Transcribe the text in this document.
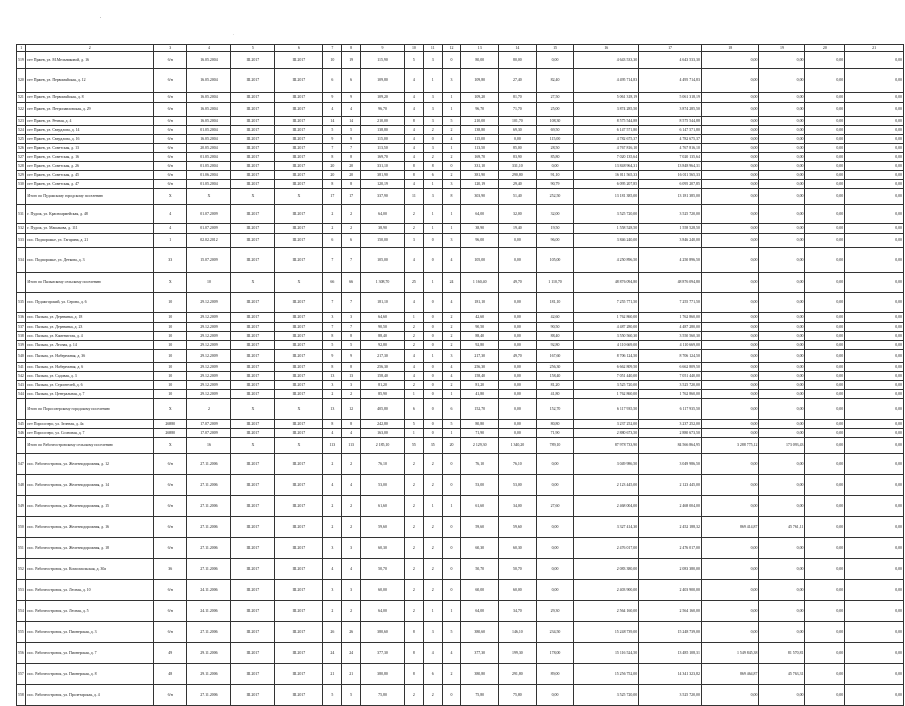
'
.
1	2	3	4	5	6	7	8	9	10	11	12	13	14	15	16	17	18	19	20	21
519	пгт Пржев, ул. М.Мельниковой, д. 16	б/н	16.05.2004	III.2017	III.2017	10	19	115,90	5	3	0	80,00	80,00	0,00	4 643 533,30	4 643 533,30	0,00	0,00	0,00	0,00
520	пгт Пржев, ул. Первомайская, д. 12	б/н	16.05.2004	III.2017	III.2017	6	6	109,80	4	1	3	109,80	27,40	82,40	4 495 714,83	4 495 714,83	0,00	0,00	0,00	0,00
521	пгт Пржев, ул. Первомайская, д. 8	б/н	16.05.2004	III.2017	III.2017	9	9	109,20	4	3	1	109,20	81,70	27,50	5 061 318,19	5 061 318,19	0,00	0,00	0,00	0,00
522	пгт Пржев, ул. Петропавловская, д. 29	б/н	16.05.2004	III.2017	III.2017	4	4	96,70	4	3	1	96,70	71,70	25,00	3 874 285,50	3 874 285,50	0,00	0,00	0,00	0,00
523	пгт Пржев, ул. Речная, д. 4	б/н	16.05.2004	III.2017	III.2017	14	14	210,00	8	3	5	210,00	101,70	108,30	8 575 544,88	8 575 544,88	0,00	0,00	0,00	0,00
524	пгт Пржев, ул. Свердлова, д. 14	б/н	01.05.2004	III.2017	III.2017	5	5	138,80	4	2	2	138,80	69,30	69,50	6 147 571,80	6 147 571,80	0,00	0,00	0,00	0,00
525	пгт Пржев, ул. Свердлова, д. 16	б/н	16.05.2004	III.2017	III.2017	9	9	115,00	4	0	4	115,00	0,00	115,00	4 782 675,37	4 782 675,37	0,00	0,00	0,00	0,00
526	пгт Пржев, ул. Советская, д. 13	б/н	20.05.2004	III.2017	III.2017	7	7	113,50	4	3	1	113,50	85,00	28,50	4 767 816,10	4 767 816,10	0,00	0,00	0,00	0,00
527	пгт Пржев, ул. Советская, д. 16	б/н	01.05.2004	III.2017	III.2017	8	8	169,70	4	2	2	169,70	83,90	85,80	7 020 135,64	7 020 135,64	0,00	0,00	0,00	0,00
528	пгт Пржев, ул. Советская, д. 26	б/н	01.05.2004	III.2017	III.2017	20	20	331,10	8	8	0	331,10	331,10	0,00	13 848 964,31	13 848 964,31	0,00	0,00	0,00	0,00
529	пгт Пржев, ул. Советская, д. 45	б/н	01.06.2004	III.2017	III.2017	20	20	381,90	8	6	2	381,90	290,80	91,10	16 011 565,33	16 011 565,33	0,00	0,00	0,00	0,00
530	пгт Пржев, ул. Советская, д. 47	б/н	01.05.2004	III.2017	III.2017	8	8	120,19	4	1	3	120,19	29,40	90,79	6 095 207,85	6 095 207,85	0,00	0,00	0,00	0,00
	Итого по Пудожскому городскому поселению	X	X	X	X	17	17	337,90	11	3	8	303,90	51,40	252,50	13 181 385,00	13 181 385,00	0,00	0,00	0,00	0,00
531	г. Пудож, ул. Красноармейская, д. 48	4	01.07.2009	III.2017	III.2017	2	2	64,00	2	1	1	64,00	32,00	32,00	3 525 720,00	3 525 720,00	0,00	0,00	0,00	0,00
532	г. Пудож, ул. Машакова, д. 111	4	01.07.2009	III.2017	III.2017	2	2	38,90	2	1	1	38,90	19,40	19,50	1 558 528,50	1 558 528,50	0,00	0,00	0,00	0,00
533	пос. Подпорожье, ул. Гагарина, д. 21	1	02.02.2012	III.2017	III.2017	6	6	150,00	3	0	3	96,00	0,00	96,00	3 846 240,00	3 846 240,00	0,00	0,00	0,00	0,00
534	пос. Подпорожье, ул. Деткова, д. 3	33	15.07.2009	III.2017	III.2017	7	7	105,00	4	0	4	105,00	0,00	105,00	4 250 896,50	4 250 896,50	0,00	0,00	0,00	0,00
	Итого по Пяльмскому сельскому поселению	X	10	X	X	66	66	1 308,70	25	1	24	1 160,40	49,70	1 110,70	48 876 094,80	48 876 094,80	0,00	0,00	0,00	0,00
535	пос. Пудожгорский, ул. Серова, д. 6	10	29.12.2009	III.2017	III.2017	7	7	181,10	4	0	4	181,10	0,00	181,10	7 255 771,50	7 255 771,50	0,00	0,00	0,00	0,00
536	пос. Пяльма, ул. Деревянка, д. 18	10	29.12.2009	III.2017	III.2017	3	3	64,60	1	0	2	42,60	0,00	42,60	1 762 860,00	1 762 860,00	0,00	0,00	0,00	0,00
537	пос. Пяльма, ул. Деревянка, д. 23	10	29.12.2009	III.2017	III.2017	7	7	90,50	2	0	2	90,50	0,00	90,50	4 487 280,00	4 487 280,00	0,00	0,00	0,00	0,00
538	пос. Пяльма, ул. Каменистая, д. 4	10	29.12.2009	III.2017	III.2017	8	8	88,40	2	0	2	88,40	0,00	88,40	3 550 560,30	3 550 560,30	0,00	0,00	0,00	0,00
539	пос. Пяльма, ул. Лесная, д. 14	10	29.12.2009	III.2017	III.2017	5	5	92,80	2	0	2	92,80	0,00	92,80	4 110 669,00	4 110 669,00	0,00	0,00	0,00	0,00
540	пос. Пяльма, ул. Набережная, д. 36	10	29.12.2009	III.2017	III.2017	9	9	217,30	4	1	3	217,30	49,70	167,60	8 706 124,50	8 706 124,50	0,00	0,00	0,00	0,00
541	пос. Пяльма, ул. Набережная, д. 6	10	29.12.2009	III.2017	III.2017	8	8	256,30	4	0	4	256,30	0,00	256,30	6 662 809,50	6 662 809,50	0,00	0,00	0,00	0,00
542	пос. Пяльма, ул. Садовая, д. 3	10	29.12.2009	III.2017	III.2017	13	13	158,40	4	0	4	158,40	0,00	158,40	7 051 440,00	7 051 440,00	0,00	0,00	0,00	0,00
543	пос. Пяльма, ул. Строителей, д. 6	10	29.12.2009	III.2017	III.2017	3	3	81,20	2	0	2	81,20	0,00	81,20	3 525 720,00	3 525 720,00	0,00	0,00	0,00	0,00
544	пос. Пяльма, ул. Центральная, д. 7	10	29.12.2009	III.2017	III.2017	2	2	85,90	1	0	1	41,80	0,00	41,80	1 762 860,00	1 762 860,00	0,00	0,00	0,00	0,00
	Итого по Поросозерскому городскому поселению	X	2	X	X	13	12	405,80	6	0	6	152,70	0,00	152,70	6 117 935,50	6 117 935,50	0,00	0,00	0,00	0,00
545	пгт Поросозеро, ул. Зеленая, д. 4а	26880	17.07.2009	III.2017	III.2017	8	8	242,80	5	0	5	80,80	0,00	80,80	3 237 252,00	3 237 252,00	0,00	0,00	0,00	0,00
546	пгт Поросозеро, ул. Сосновая, д. 7	26880	17.07.2009	III.2017	III.2017	4	4	163,00	1	0	1	71,90	0,00	71,90	2 880 673,50	2 880 673,50	0,00	0,00	0,00	0,00
	Итого по Рабочеостровскому сельскому поселению	X	16	X	X	113	113	2 185,10	55	35	20	2 129,30	1 340,20	789,10	87 978 733,90	84 566 864,95	3 288 775,12	173 093,43	0,00	0,00
547	пос. Рабочеостровск, ул. Железнодорожная, д. 12	б/н	27.11.2006	III.2017	III.2017	2	2	76,10	2	2	0	76,10	76,10	0,00	3 049 986,50	3 049 986,50	0,00	0,00	0,00	0,00
548	пос. Рабочеостровск, ул. Железнодорожная, д. 14	б/н	27.11.2006	III.2017	III.2017	4	4	53,00	2	2	0	53,00	53,00	0,00	2 123 445,00	2 123 445,00	0,00	0,00	0,00	0,00
549	пос. Рабочеостровск, ул. Железнодорожная, д. 15	б/н	27.11.2006	III.2017	III.2017	2	2	61,60	2	1	1	61,60	34,00	27,60	2 468 004,00	2 468 004,00	0,00	0,00	0,00	0,00
550	пос. Рабочеостровск, ул. Железнодорожная, д. 16	б/н	27.11.2006	III.2017	III.2017	2	2	59,60	2	2	0	59,60	59,60	0,00	3 327 414,30	2 452 188,32	869 414,87	45 761,11	0,00	0,00
551	пос. Рабочеостровск, ул. Железнодорожная, д. 18	б/н	27.11.2006	III.2017	III.2017	3	3	60,30	2	2	0	60,30	60,30	0,00	2 476 017,00	2 476 017,00	0,00	0,00	0,00	0,00
552	пос. Рабочеостровск, ул. Комсомольская, д. 30а	36	27.11.2006	III.2017	III.2017	4	4	50,70	2	2	0	50,70	50,70	0,00	2 083 380,00	2 083 380,00	0,00	0,00	0,00	0,00
553	пос. Рабочеостровск, ул. Лесная, д. 10	б/н	24.11.2006	III.2017	III.2017	3	3	60,00	2	2	0	60,00	60,00	0,00	2 403 900,00	2 403 900,00	0,00	0,00	0,00	0,00
554	пос. Рабочеостровск, ул. Лесная, д. 5	б/н	24.11.2006	III.2017	III.2017	2	2	64,00	2	1	1	64,00	34,70	29,30	2 564 160,00	2 564 160,00	0,00	0,00	0,00	0,00
555	пос. Рабочеостровск, ул. Пионерская, д. 3	б/н	27.11.2006	III.2017	III.2017	26	26	380,60	8	3	5	380,60	146,10	234,50	15 248 739,00	15 248 739,00	0,00	0,00	0,00	0,00
556	пос. Рабочеостровск, ул. Пионерская, д. 7	49	29.11.2006	III.2017	III.2017	24	24	377,30	8	4	4	377,30	199,30	178,00	15 116 524,50	13 485 108,31	1 549 845,38	81 570,81	0,00	0,00
557	пос. Рабочеостровск, ул. Пионерская, д. 8	48	29.11.2006	III.2017	III.2017	21	21	380,80	8	6	2	380,80	291,80	89,00	15 256 752,00	14 341 323,82	869 464,87	45 763,31	0,00	0,00
558	пос. Рабочеостровск, ул. Пролетарская, д. 4	б/н	27.11.2006	III.2017	III.2017	5	5	75,80	2	2	0	75,80	75,80	0,00	3 525 720,00	3 525 720,00	0,00	0,00	0,00	0,00
